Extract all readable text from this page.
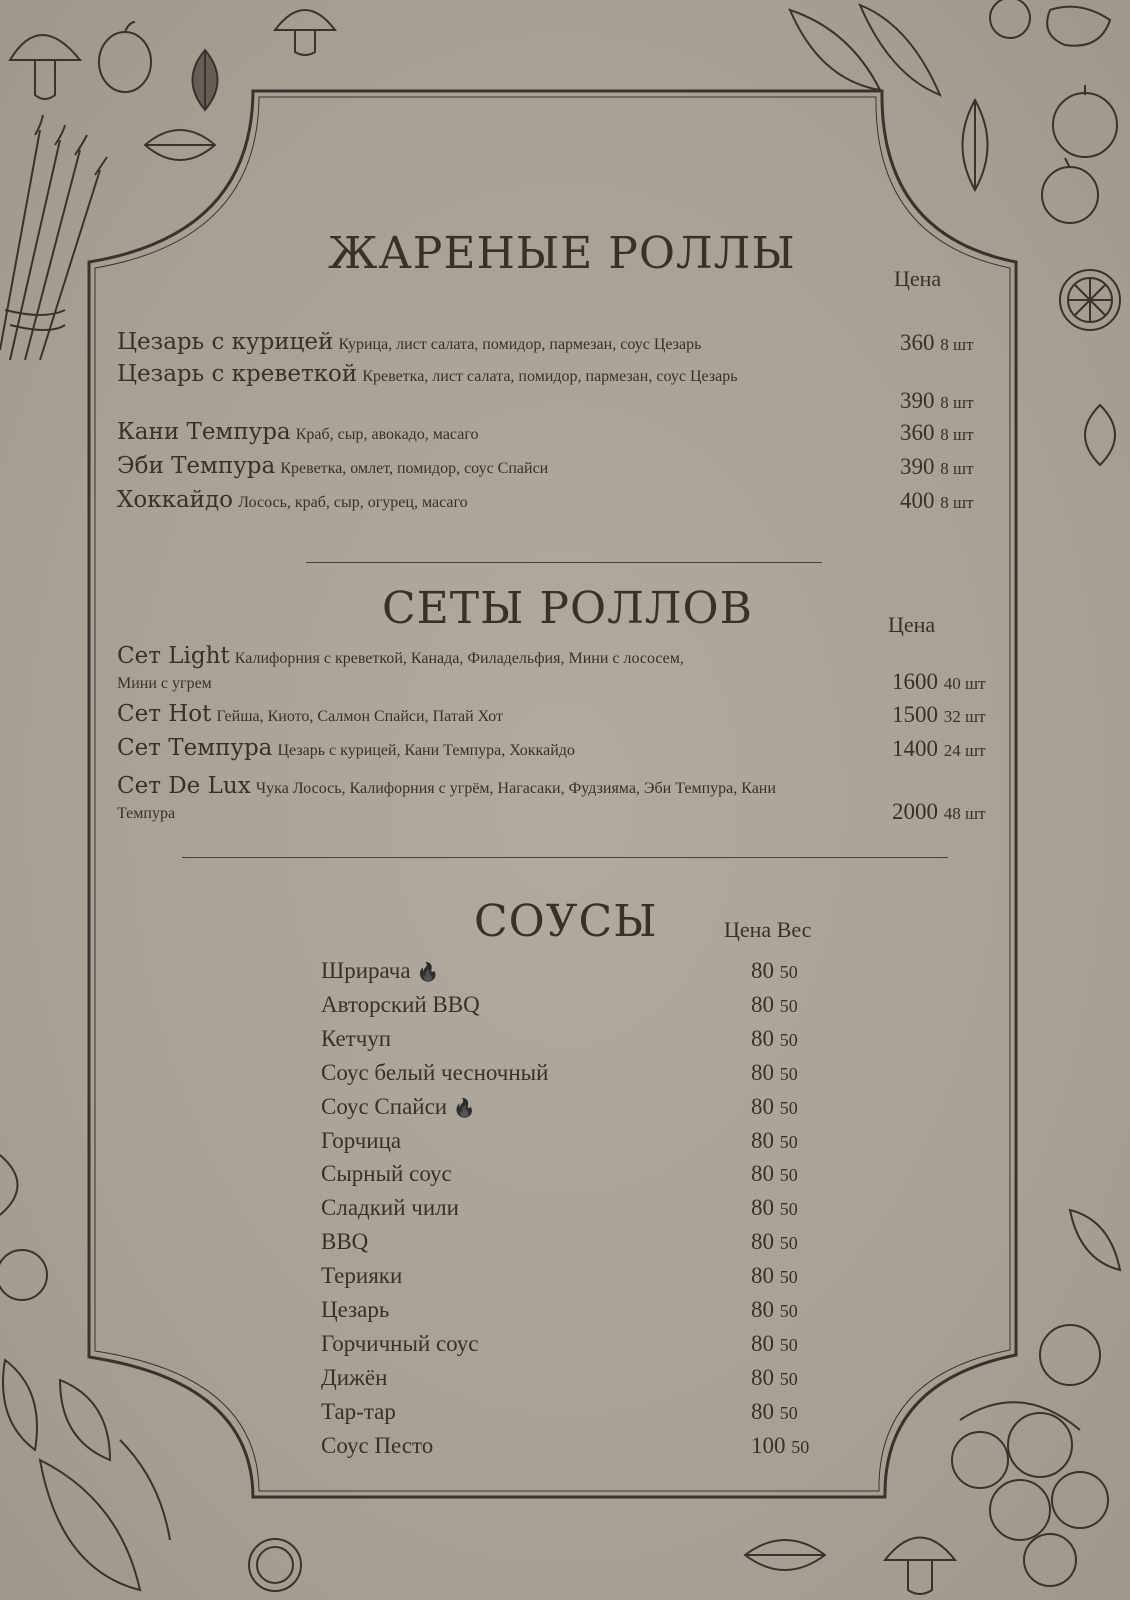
ЖАРЕНЫЕ РОЛЛЫ	Цена
Цезарь с курицей Курица, лист салата, помидор, пармезан, соус Цезарь	360 8 шт
Цезарь с креветкой Креветка, лист салата, помидор, пармезан, соус Цезарь
390 8 шт
Кани Темпура Краб, сыр, авокадо, масаго	360 8 шт
Эби Темпура Креветка, омлет, помидор, соус Спайси	390 8 шт
Хоккайдо Лосось, краб, сыр, огурец, масаго	400 8 шт
СЕТЫ РОЛЛОВ	Цена
Сет Light Калифорния с креветкой, Канада, Филадельфия, Мини с лососем, Мини с угрем	1600 40 шт
Сет Hot Гейша, Киото, Салмон Спайси, Патай Хот	1500 32 шт
Сет Темпура Цезарь с курицей, Кани Темпура, Хоккайдо	1400 24 шт
Сет De Lux Чука Лосось, Калифорния с угрём, Нагасаки, Фудзияма, Эби Темпура, Кани Темпура	2000 48 шт
СОУСЫ	Цена Вес
Шрирача 🔥	80 50
Авторский BBQ	80 50
Кетчуп	80 50
Соус белый чесночный	80 50
Соус Спайси 🔥	80 50
Горчица	80 50
Сырный соус	80 50
Сладкий чили	80 50
BBQ	80 50
Терияки	80 50
Цезарь	80 50
Горчичный соус	80 50
Дижён	80 50
Тар-тар	80 50
Соус Песто	100 50
